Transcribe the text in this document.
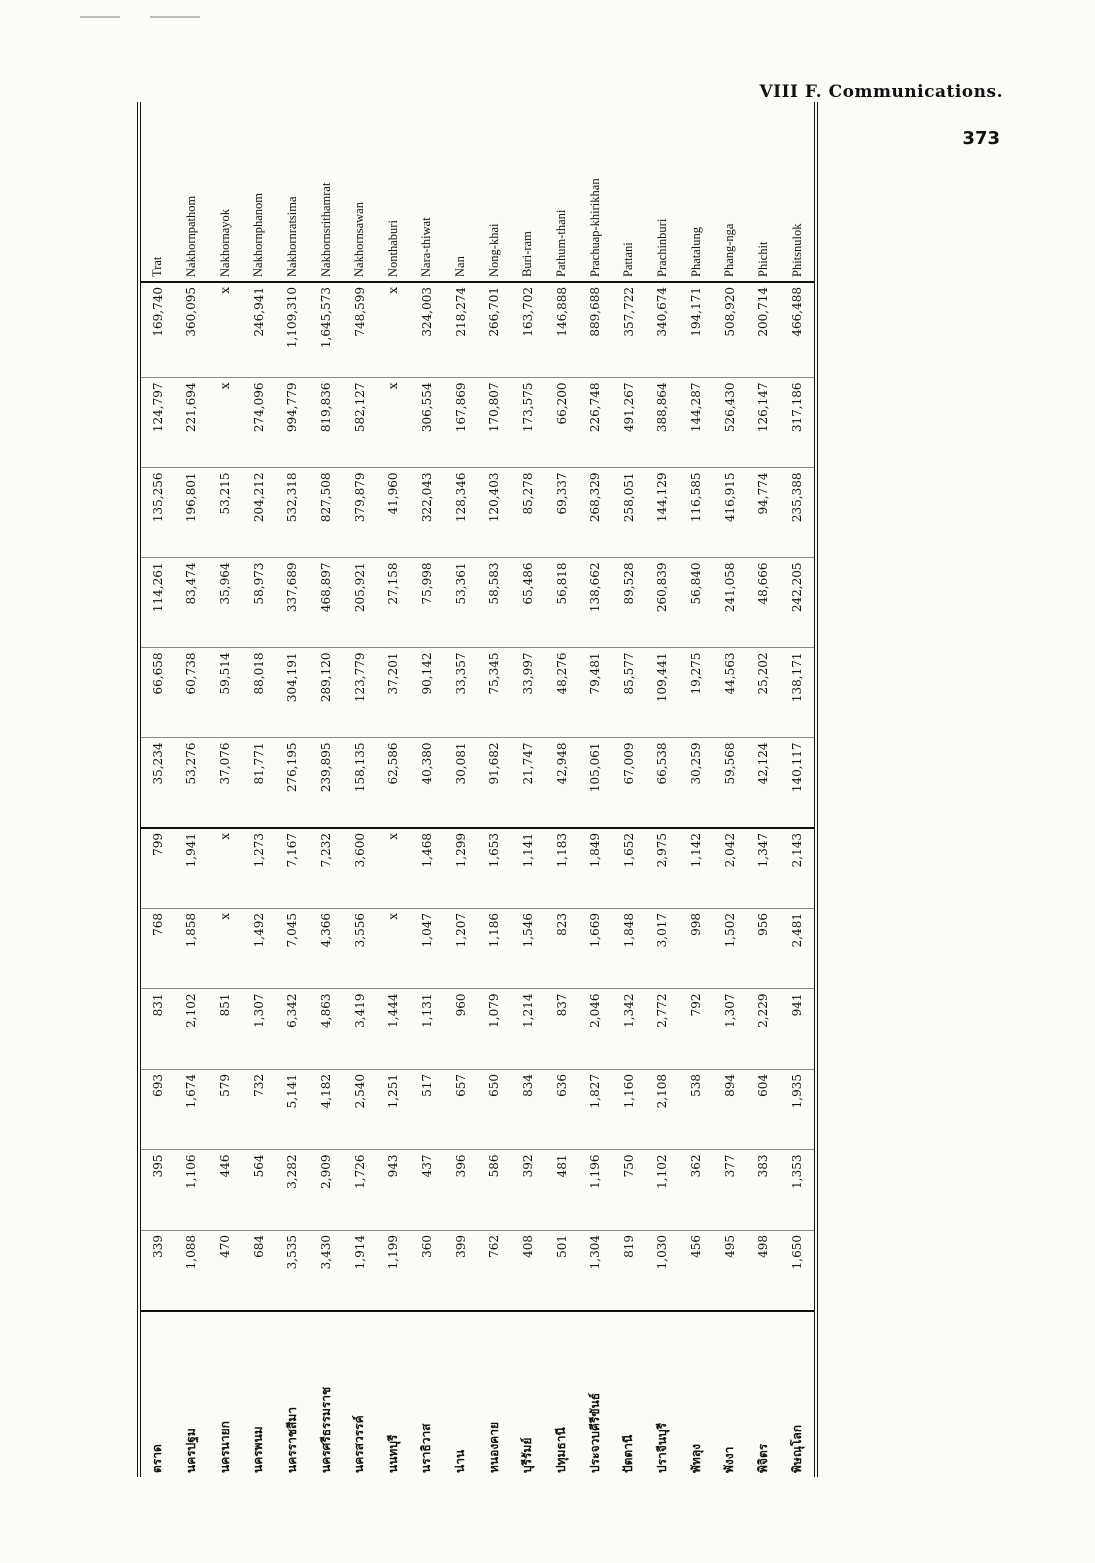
VIII F. Communications.
373
ตราด	339	395	693	831	768	799	35,234	66,658	114,261	135,256	124,797	169,740	Trat
นครปฐม	1,088	1,106	1,674	2,102	1,858	1,941	53,276	60,738	83,474	196,801	221,694	360,095	Nakhornpathom
นครนายก	470	446	579	851	x	x	37,076	59,514	35,964	53,215	x	x	Nakhornayok
นครพนม	684	564	732	1,307	1,492	1,273	81,771	88,018	58,973	204,212	274,096	246,941	Nakhornphanom
นครราชสีมา	3,535	3,282	5,141	6,342	7,045	7,167	276,195	304,191	337,689	532,318	994,779	1,109,310	Nakhornratsima
นครศรีธรรมราช	3,430	2,909	4,182	4,863	4,366	7,232	239,895	289,120	468,897	827,508	819,836	1,645,573	Nakhornsrithamrat
นครสวรรค์	1,914	1,726	2,540	3,419	3,556	3,600	158,135	123,779	205,921	379,879	582,127	748,599	Nakhornsawan
นนทบุรี	1,199	943	1,251	1,444	x	x	62,586	37,201	27,158	41,960	x	x	Nonthaburi
นราธิวาส	360	437	517	1,131	1,047	1,468	40,380	90,142	75,998	322,043	306,554	324,003	Nara-thiwat
น่าน	399	396	657	960	1,207	1,299	30,081	33,357	53,361	128,346	167,869	218,274	Nan
หนองคาย	762	586	650	1,079	1,186	1,653	91,682	75,345	58,583	120,403	170,807	266,701	Nong-khai
บุรีรัมย์	408	392	834	1,214	1,546	1,141	21,747	33,997	65,486	85,278	173,575	163,702	Buri-ram
ปทุมธานี	501	481	636	837	823	1,183	42,948	48,276	56,818	69,337	66,200	146,888	Pathum-thani
ประจวบคีรีขันธ์	1,304	1,196	1,827	2,046	1,669	1,849	105,061	79,481	138,662	268,329	226,748	889,688	Prachuap-khirikhan
ปัตตานี	819	750	1,160	1,342	1,848	1,652	67,009	85,577	89,528	258,051	491,267	357,722	Pattani
ปราจีนบุรี	1,030	1,102	2,108	2,772	3,017	2,975	66,538	109,441	260,839	144,129	388,864	340,674	Prachinburi
พัทลุง	456	362	538	792	998	1,142	30,259	19,275	56,840	116,585	144,287	194,171	Phatalung
พังงา	495	377	894	1,307	1,502	2,042	59,568	44,563	241,058	416,915	526,430	508,920	Phang-nga
พิจิตร	498	383	604	2,229	956	1,347	42,124	25,202	48,666	94,774	126,147	200,714	Phichit
พิษณุโลก	1,650	1,353	1,935	941	2,481	2,143	140,117	138,171	242,205	235,388	317,186	466,488	Phitsnulok
